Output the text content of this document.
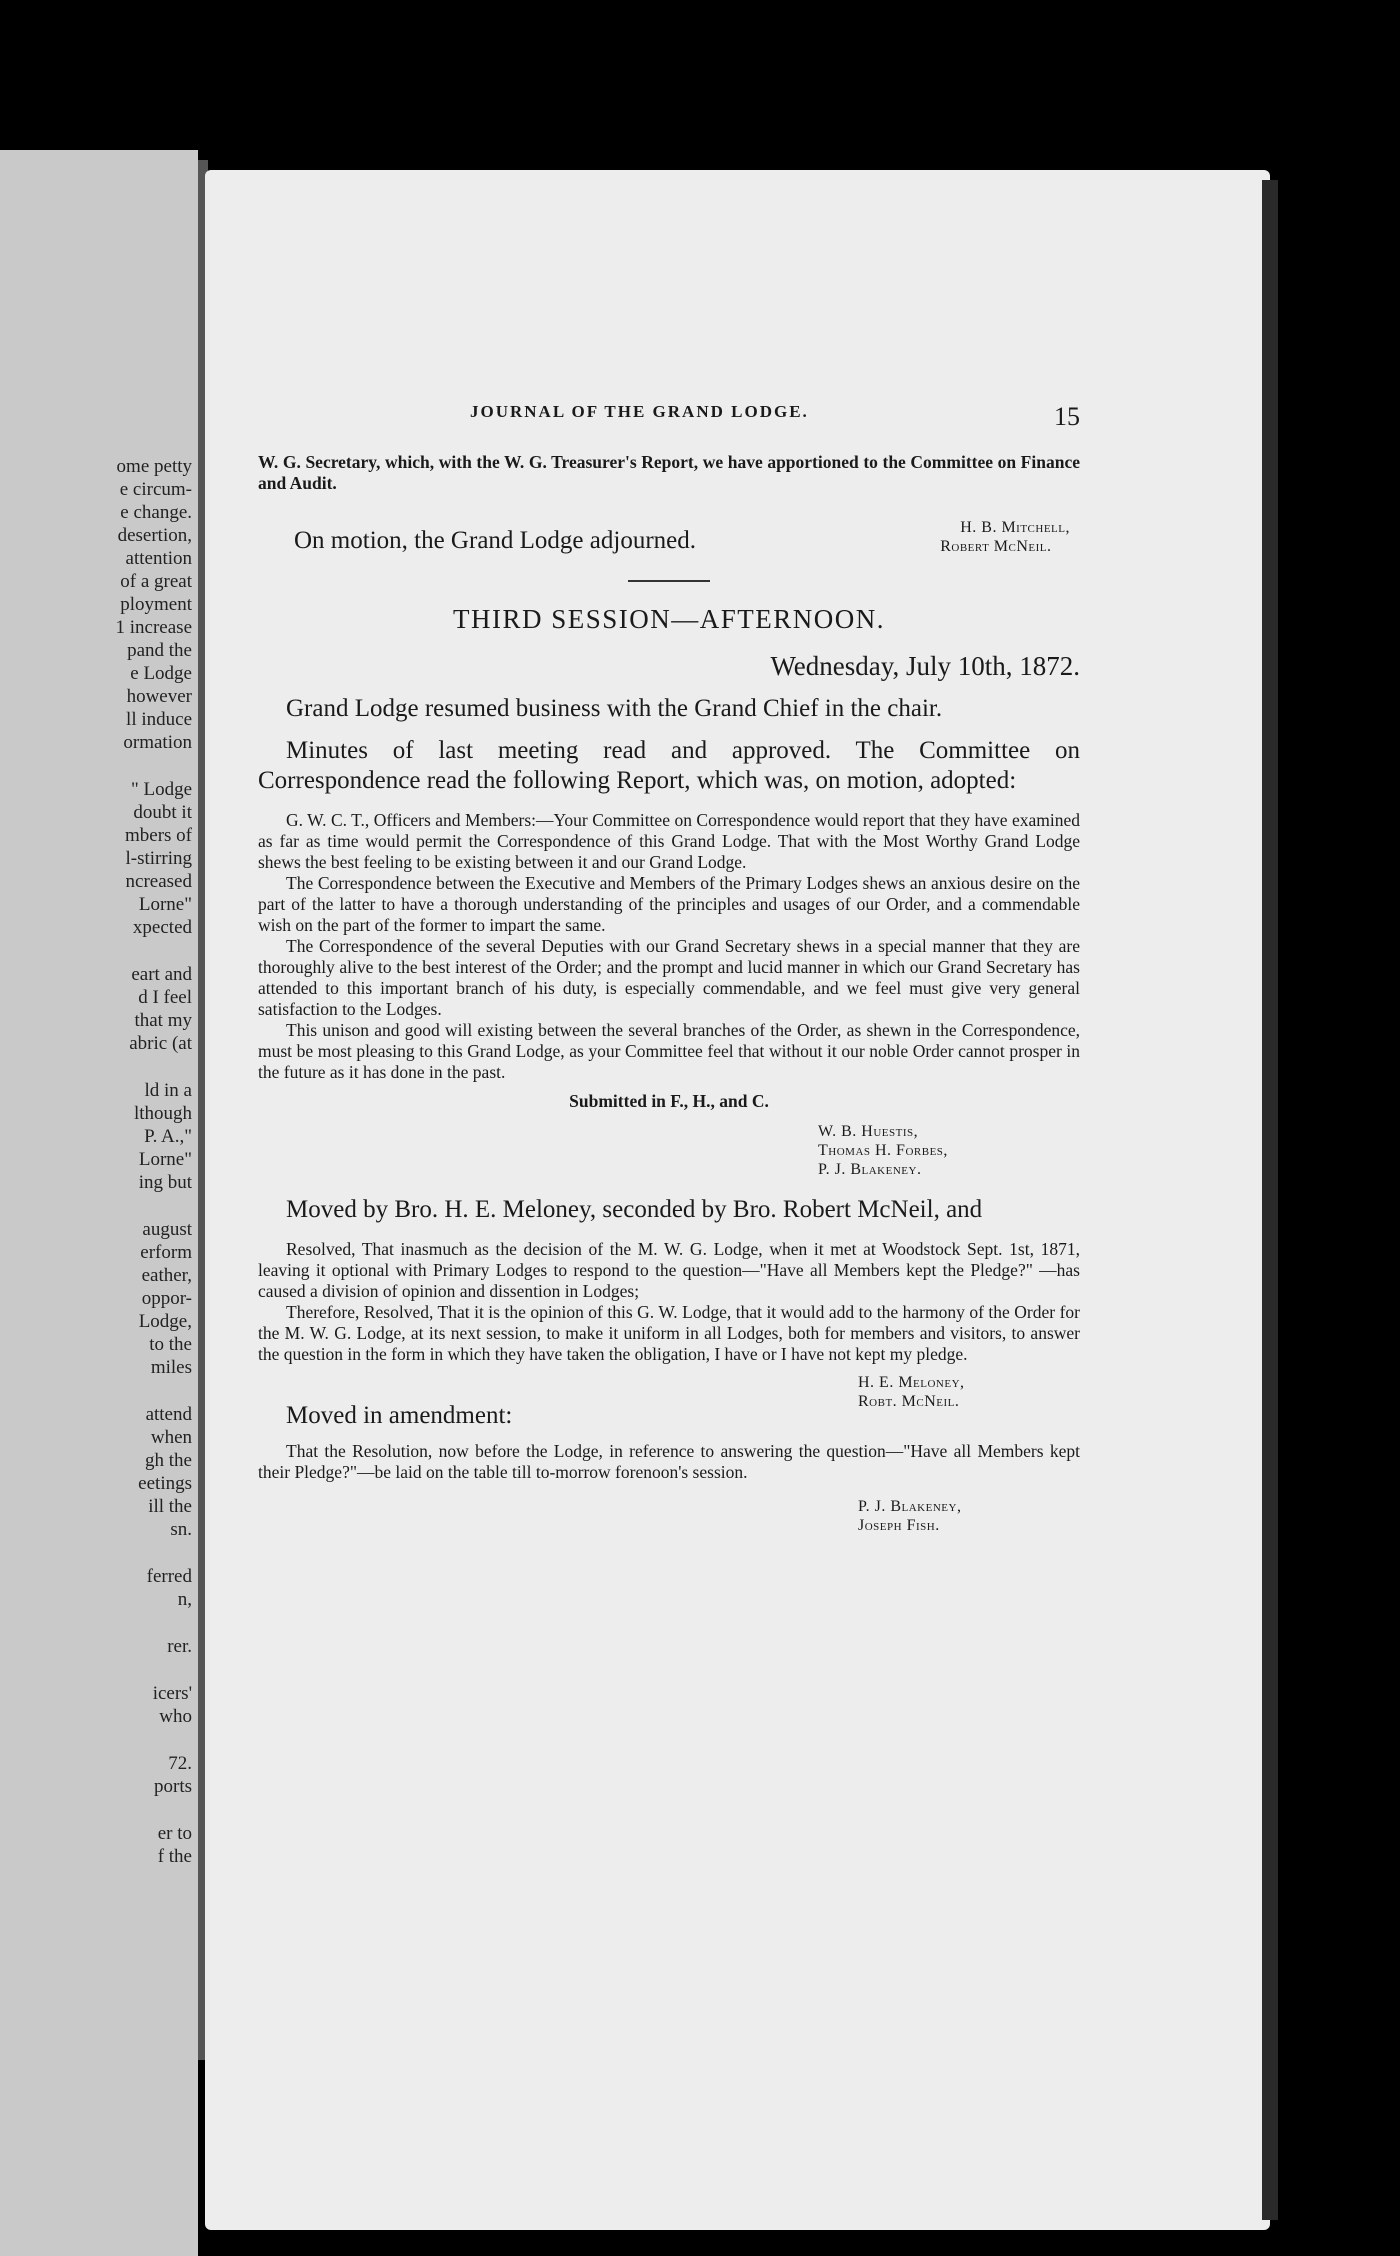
ome petty
e circum-
e change.
desertion,
attention
of a great
ployment
1 increase
pand the
e Lodge
however
ll induce
ormation
" Lodge
doubt it
mbers of
l-stirring
ncreased
Lorne"
xpected
eart and
d I feel
that my
abric (at
ld in a
lthough
P. A.,"
Lorne"
ing but
august
erform
eather,
oppor-
Lodge,
to the
miles
attend
when
gh the
eetings
ill the
sn.
ferred
n,
rer.
icers'
who
72.
ports
er to
f the
JOURNAL OF THE GRAND LODGE.	15

W. G. Secretary, which, with the W. G. Treasurer's Report, we have apportioned to the Committee on Finance and Audit.

On motion, the Grand Lodge adjourned.	H. B. Mitchell,
Robert McNeil.

THIRD SESSION—AFTERNOON.

Wednesday, July 10th, 1872.

Grand Lodge resumed business with the Grand Chief in the chair.

Minutes of last meeting read and approved. The Committee on Correspondence read the following Report, which was, on motion, adopted:

G. W. C. T., Officers and Members:—Your Committee on Correspondence would report that they have examined as far as time would permit the Correspondence of this Grand Lodge. That with the Most Worthy Grand Lodge shews the best feeling to be existing between it and our Grand Lodge.

The Correspondence between the Executive and Members of the Primary Lodges shews an anxious desire on the part of the latter to have a thorough understanding of the principles and usages of our Order, and a commendable wish on the part of the former to impart the same.

The Correspondence of the several Deputies with our Grand Secretary shews in a special manner that they are thoroughly alive to the best interest of the Order; and the prompt and lucid manner in which our Grand Secretary has attended to this important branch of his duty, is especially commendable, and we feel must give very general satisfaction to the Lodges.

This unison and good will existing between the several branches of the Order, as shewn in the Correspondence, must be most pleasing to this Grand Lodge, as your Committee feel that without it our noble Order cannot prosper in the future as it has done in the past.

Submitted in F., H., and C.

W. B. Huestis,
Thomas H. Forbes,
P. J. Blakeney.

Moved by Bro. H. E. Meloney, seconded by Bro. Robert McNeil, and

Resolved, That inasmuch as the decision of the M. W. G. Lodge, when it met at Woodstock Sept. 1st, 1871, leaving it optional with Primary Lodges to respond to the question—"Have all Members kept the Pledge?" —has caused a division of opinion and dissention in Lodges;

Therefore, Resolved, That it is the opinion of this G. W. Lodge, that it would add to the harmony of the Order for the M. W. G. Lodge, at its next session, to make it uniform in all Lodges, both for members and visitors, to answer the question in the form in which they have taken the obligation, I have or I have not kept my pledge.

H. E. Meloney,
Robt. McNeil.

Moved in amendment:

That the Resolution, now before the Lodge, in reference to answering the question—"Have all Members kept their Pledge?"—be laid on the table till to-morrow forenoon's session.

P. J. Blakeney,
Joseph Fish.
